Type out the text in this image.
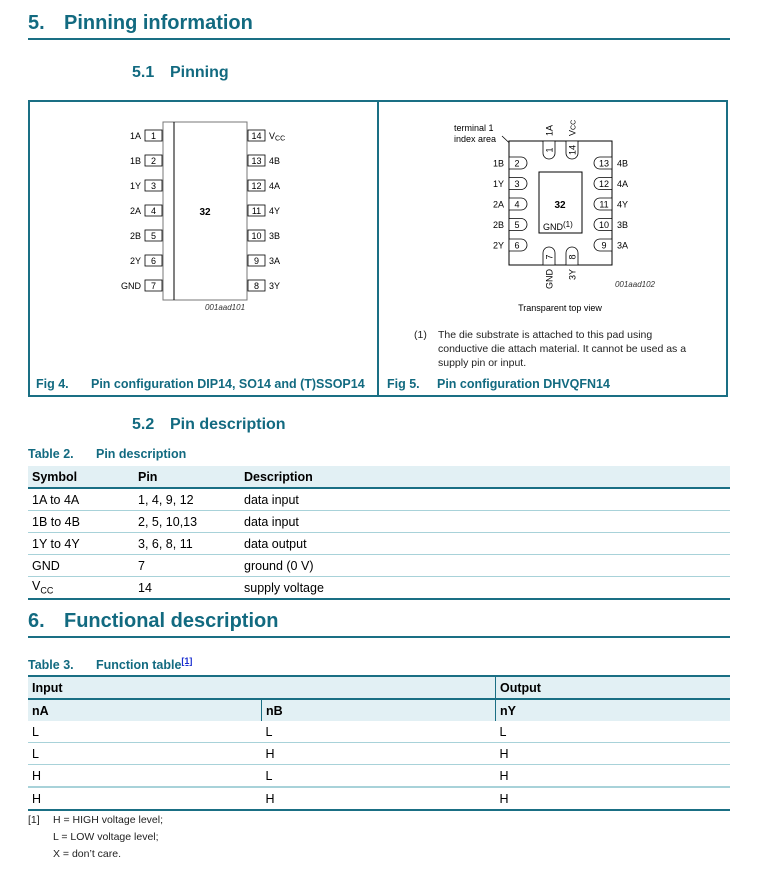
5. Pinning information
5.1 Pinning
32
1
1A
2
1B
3
1Y
4
2A
5
2B
6
2Y
7
GND
14 VCC
13 4B
12 4A
11 4Y
10 3B
9 3A
8 3Y
001aad101
terminal 1
index area
32
GND(1)
2
1B
3
1Y
4
2A
5
2B
6
2Y
13 4B
12 4A
11 4Y
10 3B
9 3A
1
1A
14
VCC
7
GND
8
3Y
001aad102
Transparent top view
(1) The die substrate is attached to this pad using
conductive die attach material. It cannot be used as a
supply pin or input.
Fig 4. Pin configuration DIP14, SO14 and (T)SSOP14 Fig 5. Pin configuration DHVQFN14
5.2 Pin description
Table 2. Pin description
Symbol	Pin	Description
1A to 4A	1, 4, 9, 12	data input
1B to 4B	2, 5, 10,13	data input
1Y to 4Y	3, 6, 8, 11	data output
GND	7	ground (0 V)
$V_{CC}$	14	supply voltage
6. Functional description
Table 3. Function table[1]
Input		Output
nA	nB	nY
L	L	L
L	H	H
H	L	H
H	H	H
[1] H = HIGH voltage level;
L = LOW voltage level;
X = don’t care.
